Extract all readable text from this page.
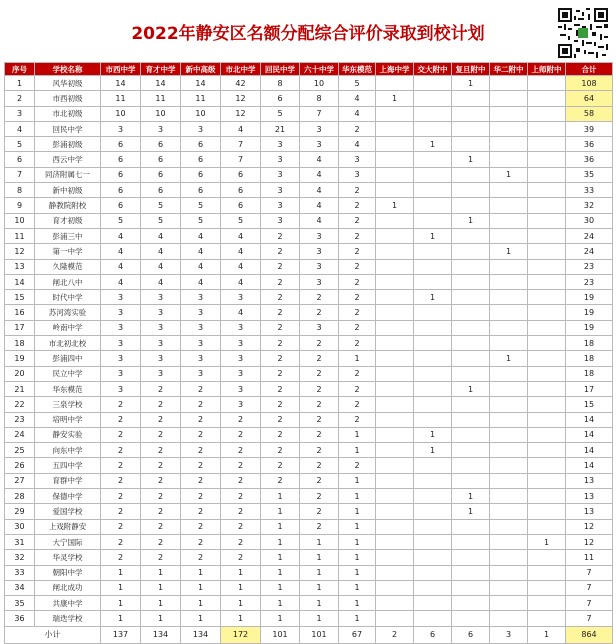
2022年静安区名额分配综合评价录取到校计划
序号	学校名称	市西中学	育才中学	新中高级	市北中学	回民中学	六十中学	华东模范	上海中学	交大附中	复旦附中	华二附中	上师附中	合计
1	风华初级	14	14	14	42	8	10	5			1			108
2	市西初级	11	11	11	12	6	8	4	1					64
3	市北初级	10	10	10	12	5	7	4						58
4	回民中学	3	3	3	4	21	3	2						39
5	彭浦初级	6	6	6	7	3	3	4		1				36
6	西云中学	6	6	6	7	3	4	3			1			36
7	同济附属七一	6	6	6	6	3	4	3				1		35
8	新中初级	6	6	6	6	3	4	2						33
9	静教院附校	6	5	5	6	3	4	2	1					32
10	育才初级	5	5	5	5	3	4	2			1			30
11	彭浦三中	4	4	4	4	2	3	2		1				24
12	第一中学	4	4	4	4	2	3	2				1		24
13	久隆模范	4	4	4	4	2	3	2						23
14	闸北八中	4	4	4	4	2	3	2						23
15	时代中学	3	3	3	3	2	2	2		1				19
16	苏河湾实验	3	3	3	4	2	2	2						19
17	岭南中学	3	3	3	3	2	3	2						19
18	市北初北校	3	3	3	3	2	2	2						18
19	彭浦四中	3	3	3	3	2	2	1				1		18
20	民立中学	3	3	3	3	2	2	2						18
21	华东模范	3	2	2	3	2	2	2			1			17
22	三泉学校	2	2	2	3	2	2	2						15
23	培明中学	2	2	2	2	2	2	2						14
24	静安实验	2	2	2	2	2	2	1		1				14
25	向东中学	2	2	2	2	2	2	1		1				14
26	五四中学	2	2	2	2	2	2	2						14
27	育群中学	2	2	2	2	2	2	1						13
28	保德中学	2	2	2	2	1	2	1			1			13
29	爱国学校	2	2	2	2	1	2	1			1			13
30	上戏附静安	2	2	2	2	1	2	1						12
31	大宁国际	2	2	2	2	1	1	1					1	12
32	华灵学校	2	2	2	2	1	1	1						11
33	朝阳中学	1	1	1	1	1	1	1						7
34	闸北成功	1	1	1	1	1	1	1						7
35	共康中学	1	1	1	1	1	1	1						7
36	瑞迭学校	1	1	1	1	1	1	1						7
小计		137	134	134	172	101	101	67	2	6	6	3	1	864
